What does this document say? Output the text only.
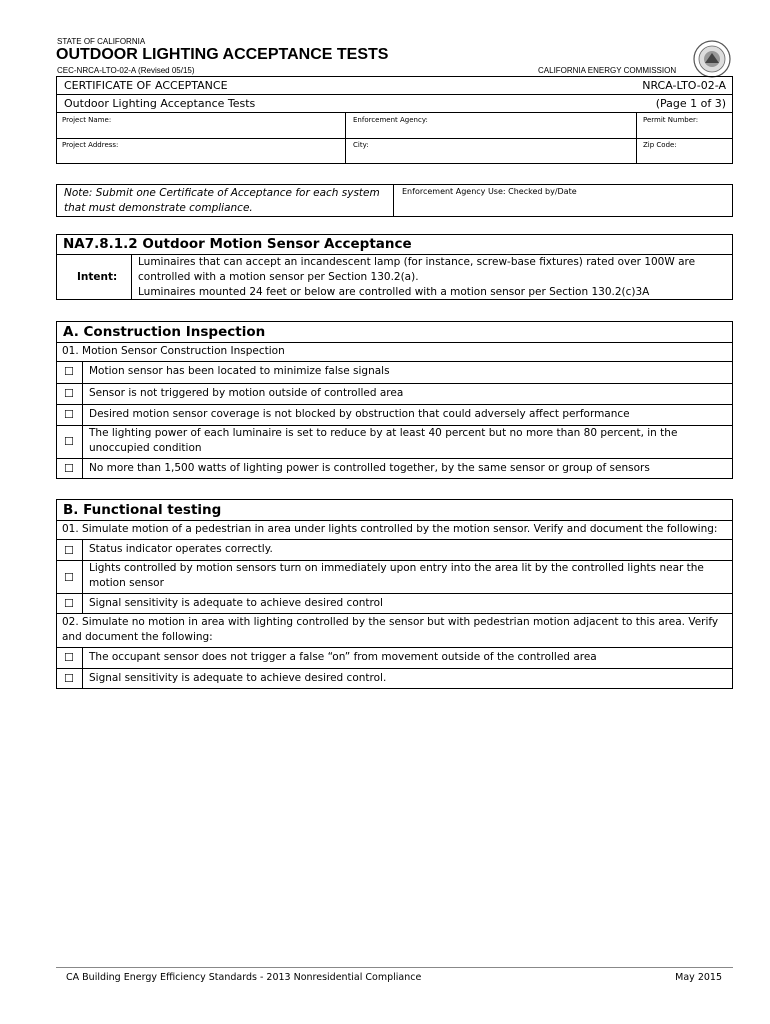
STATE OF CALIFORNIA
OUTDOOR LIGHTING ACCEPTANCE TESTS
CEC-NRCA-LTO-02-A (Revised 05/15)	CALIFORNIA ENERGY COMMISSION
CERTIFICATE OF ACCEPTANCE	NRCA-LTO-02-A
Outdoor Lighting Acceptance Tests	(Page 1 of 3)
Project Name:	Enforcement Agency:	Permit Number:
Project Address:	City:	Zip Code:
Note: Submit one Certificate of Acceptance for each system
that must demonstrate compliance.
Enforcement Agency Use: Checked by/Date
NA7.8.1.2 Outdoor Motion Sensor Acceptance
Intent:
Luminaires that can accept an incandescent lamp (for instance, screw-base fixtures) rated over 100W are
controlled with a motion sensor per Section 130.2(a).
Luminaires mounted 24 feet or below are controlled with a motion sensor per Section 130.2(c)3A
A. Construction Inspection
01. Motion Sensor Construction Inspection
☐ Motion sensor has been located to minimize false signals
☐ Sensor is not triggered by motion outside of controlled area
☐ Desired motion sensor coverage is not blocked by obstruction that could adversely affect performance
☐
The lighting power of each luminaire is set to reduce by at least 40 percent but no more than 80 percent, in the unoccupied condition
☐ No more than 1,500 watts of lighting power is controlled together, by the same sensor or group of sensors
B. Functional testing
01. Simulate motion of a pedestrian in area under lights controlled by the motion sensor. Verify and document the following:
☐ Status indicator operates correctly.
☐
Lights controlled by motion sensors turn on immediately upon entry into the area lit by the controlled lights near the motion sensor
☐ Signal sensitivity is adequate to achieve desired control
02. Simulate no motion in area with lighting controlled by the sensor but with pedestrian motion adjacent to this area. Verify and document the following:
☐ The occupant sensor does not trigger a false “on” from movement outside of the controlled area
☐ Signal sensitivity is adequate to achieve desired control.
CA Building Energy Efficiency Standards - 2013 Nonresidential Compliance	May 2015
